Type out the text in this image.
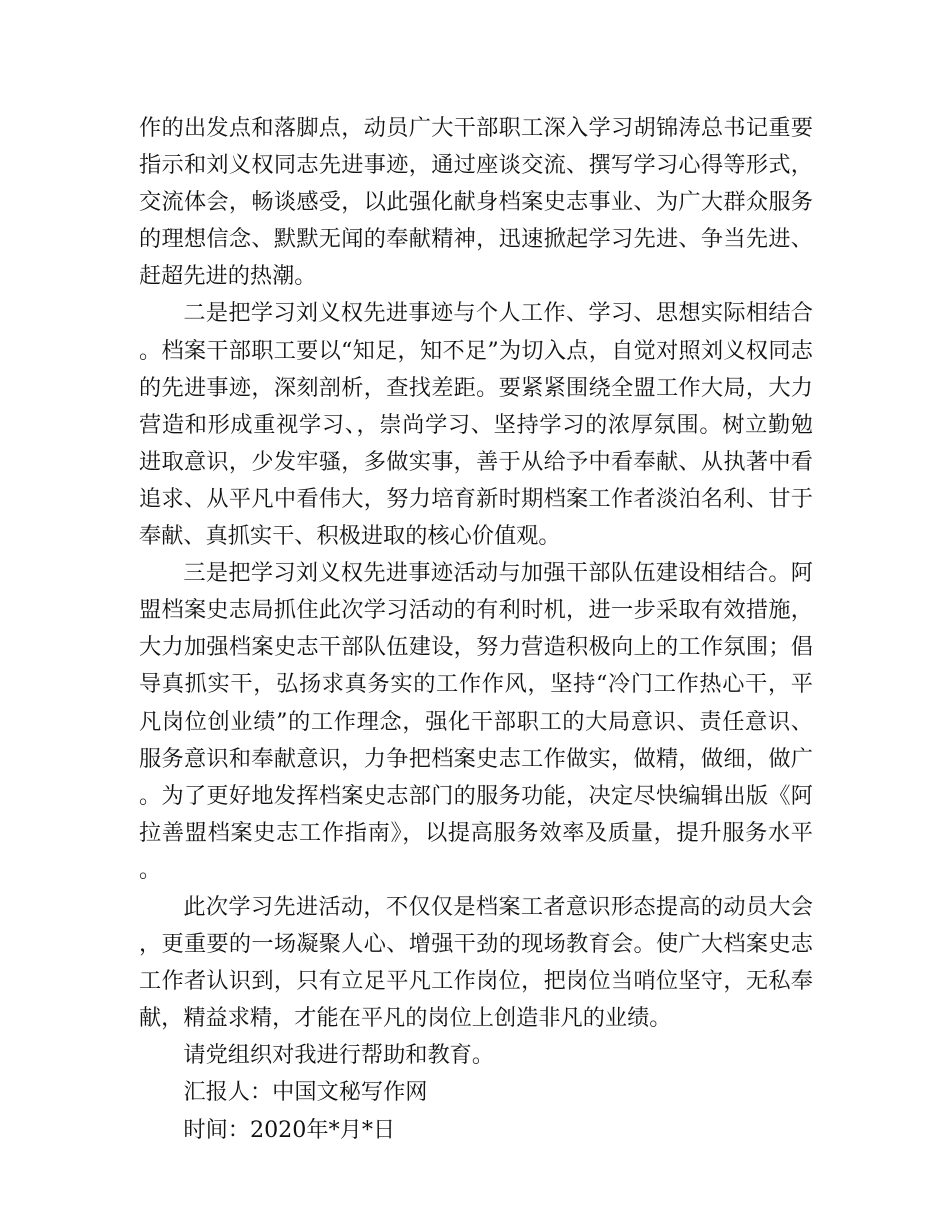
作的出发点和落脚点，动员广大干部职工深入学习胡锦涛总书记重要指示和刘义权同志先进事迹，通过座谈交流、撰写学习心得等形式，交流体会，畅谈感受，以此强化献身档案史志事业、为广大群众服务的理想信念、默默无闻的奉献精神，迅速掀起学习先进、争当先进、赶超先进的热潮。

二是把学习刘义权先进事迹与个人工作、学习、思想实际相结合。档案干部职工要以“知足，知不足”为切入点，自觉对照刘义权同志的先进事迹，深刻剖析，查找差距。要紧紧围绕全盟工作大局，大力营造和形成重视学习、，崇尚学习、坚持学习的浓厚氛围。树立勤勉进取意识，少发牢骚，多做实事，善于从给予中看奉献、从执著中看追求、从平凡中看伟大，努力培育新时期档案工作者淡泊名利、甘于奉献、真抓实干、积极进取的核心价值观。

三是把学习刘义权先进事迹活动与加强干部队伍建设相结合。阿盟档案史志局抓住此次学习活动的有利时机，进一步采取有效措施，大力加强档案史志干部队伍建设，努力营造积极向上的工作氛围；倡导真抓实干，弘扬求真务实的工作作风，坚持“冷门工作热心干，平凡岗位创业绩”的工作理念，强化干部职工的大局意识、责任意识、服务意识和奉献意识，力争把档案史志工作做实，做精，做细，做广。为了更好地发挥档案史志部门的服务功能，决定尽快编辑出版《阿拉善盟档案史志工作指南》，以提高服务效率及质量，提升服务水平。

此次学习先进活动，不仅仅是档案工者意识形态提高的动员大会，更重要的一场凝聚人心、增强干劲的现场教育会。使广大档案史志工作者认识到，只有立足平凡工作岗位，把岗位当哨位坚守，无私奉献，精益求精，才能在平凡的岗位上创造非凡的业绩。

请党组织对我进行帮助和教育。

汇报人：中国文秘写作网

时间：2020年*月*日
